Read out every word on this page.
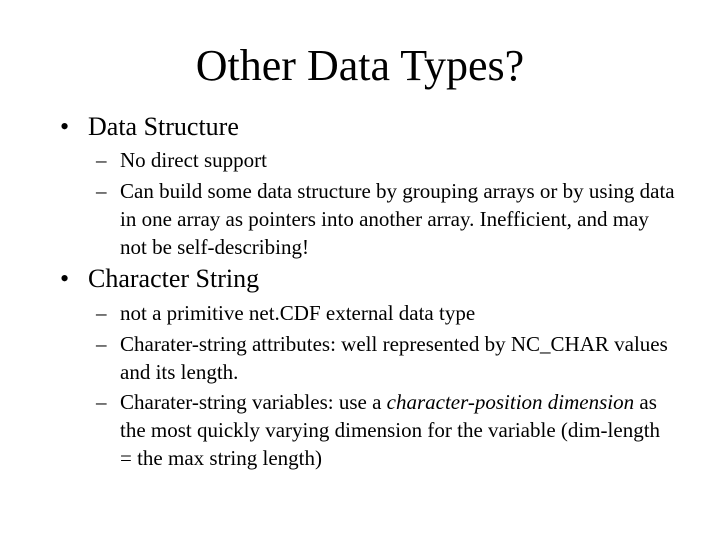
Other Data Types?
• Data Structure
– No direct support
– Can build some data structure by grouping arrays or by using data in one array as pointers into another array. Inefficient, and may not be self-describing!
• Character String
– not a primitive net.CDF external data type
– Charater-string attributes: well represented by NC_CHAR values and its length.
– Charater-string variables: use a character-position dimension as the most quickly varying dimension for the variable (dim-length = the max string length)
